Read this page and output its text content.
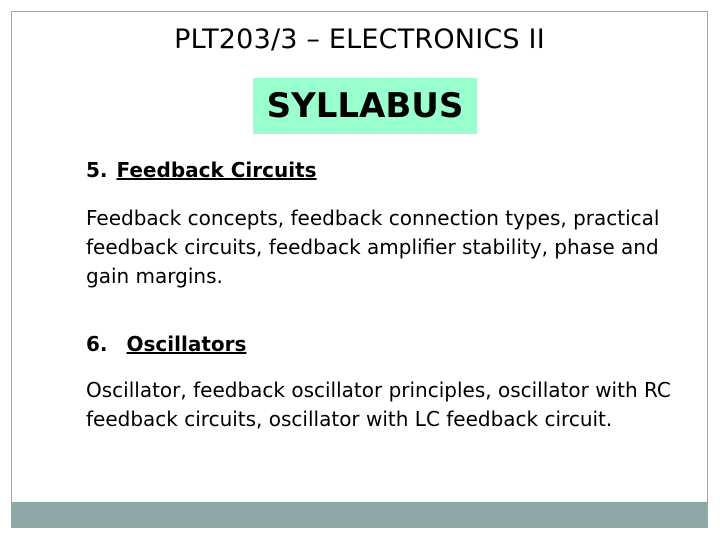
PLT203/3 – ELECTRONICS II
SYLLABUS

5. Feedback Circuits

Feedback concepts, feedback connection types, practical feedback circuits, feedback amplifier stability, phase and gain margins.

6. Oscillators

Oscillator, feedback oscillator principles, oscillator with RC feedback circuits, oscillator with LC feedback circuit.
